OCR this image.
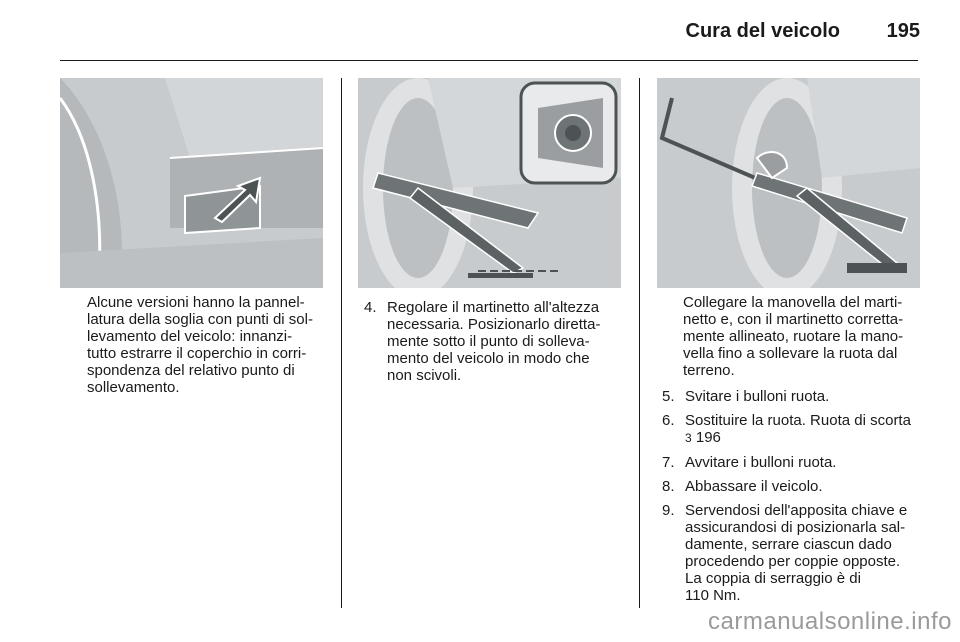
Cura del veicolo 195

Alcune versioni hanno la pannel-
latura della soglia con punti di sol-
levamento del veicolo: innanzi-
tutto estrarre il coperchio in corri-
spondenza del relativo punto di
sollevamento.

4. Regolare il martinetto all'altezza
necessaria. Posizionarlo diretta-
mente sotto il punto di solleva-
mento del veicolo in modo che
non scivoli.

Collegare la manovella del marti-
netto e, con il martinetto corretta-
mente allineato, ruotare la mano-
vella fino a sollevare la ruota dal
terreno.

5. Svitare i bulloni ruota.
6. Sostituire la ruota. Ruota di scorta
3 196
7. Avvitare i bulloni ruota.
8. Abbassare il veicolo.
9. Servendosi dell'apposita chiave e
assicurandosi di posizionarla sal-
damente, serrare ciascun dado
procedendo per coppie opposte.
La coppia di serraggio è di
110 Nm.
carmanualsonline.info
